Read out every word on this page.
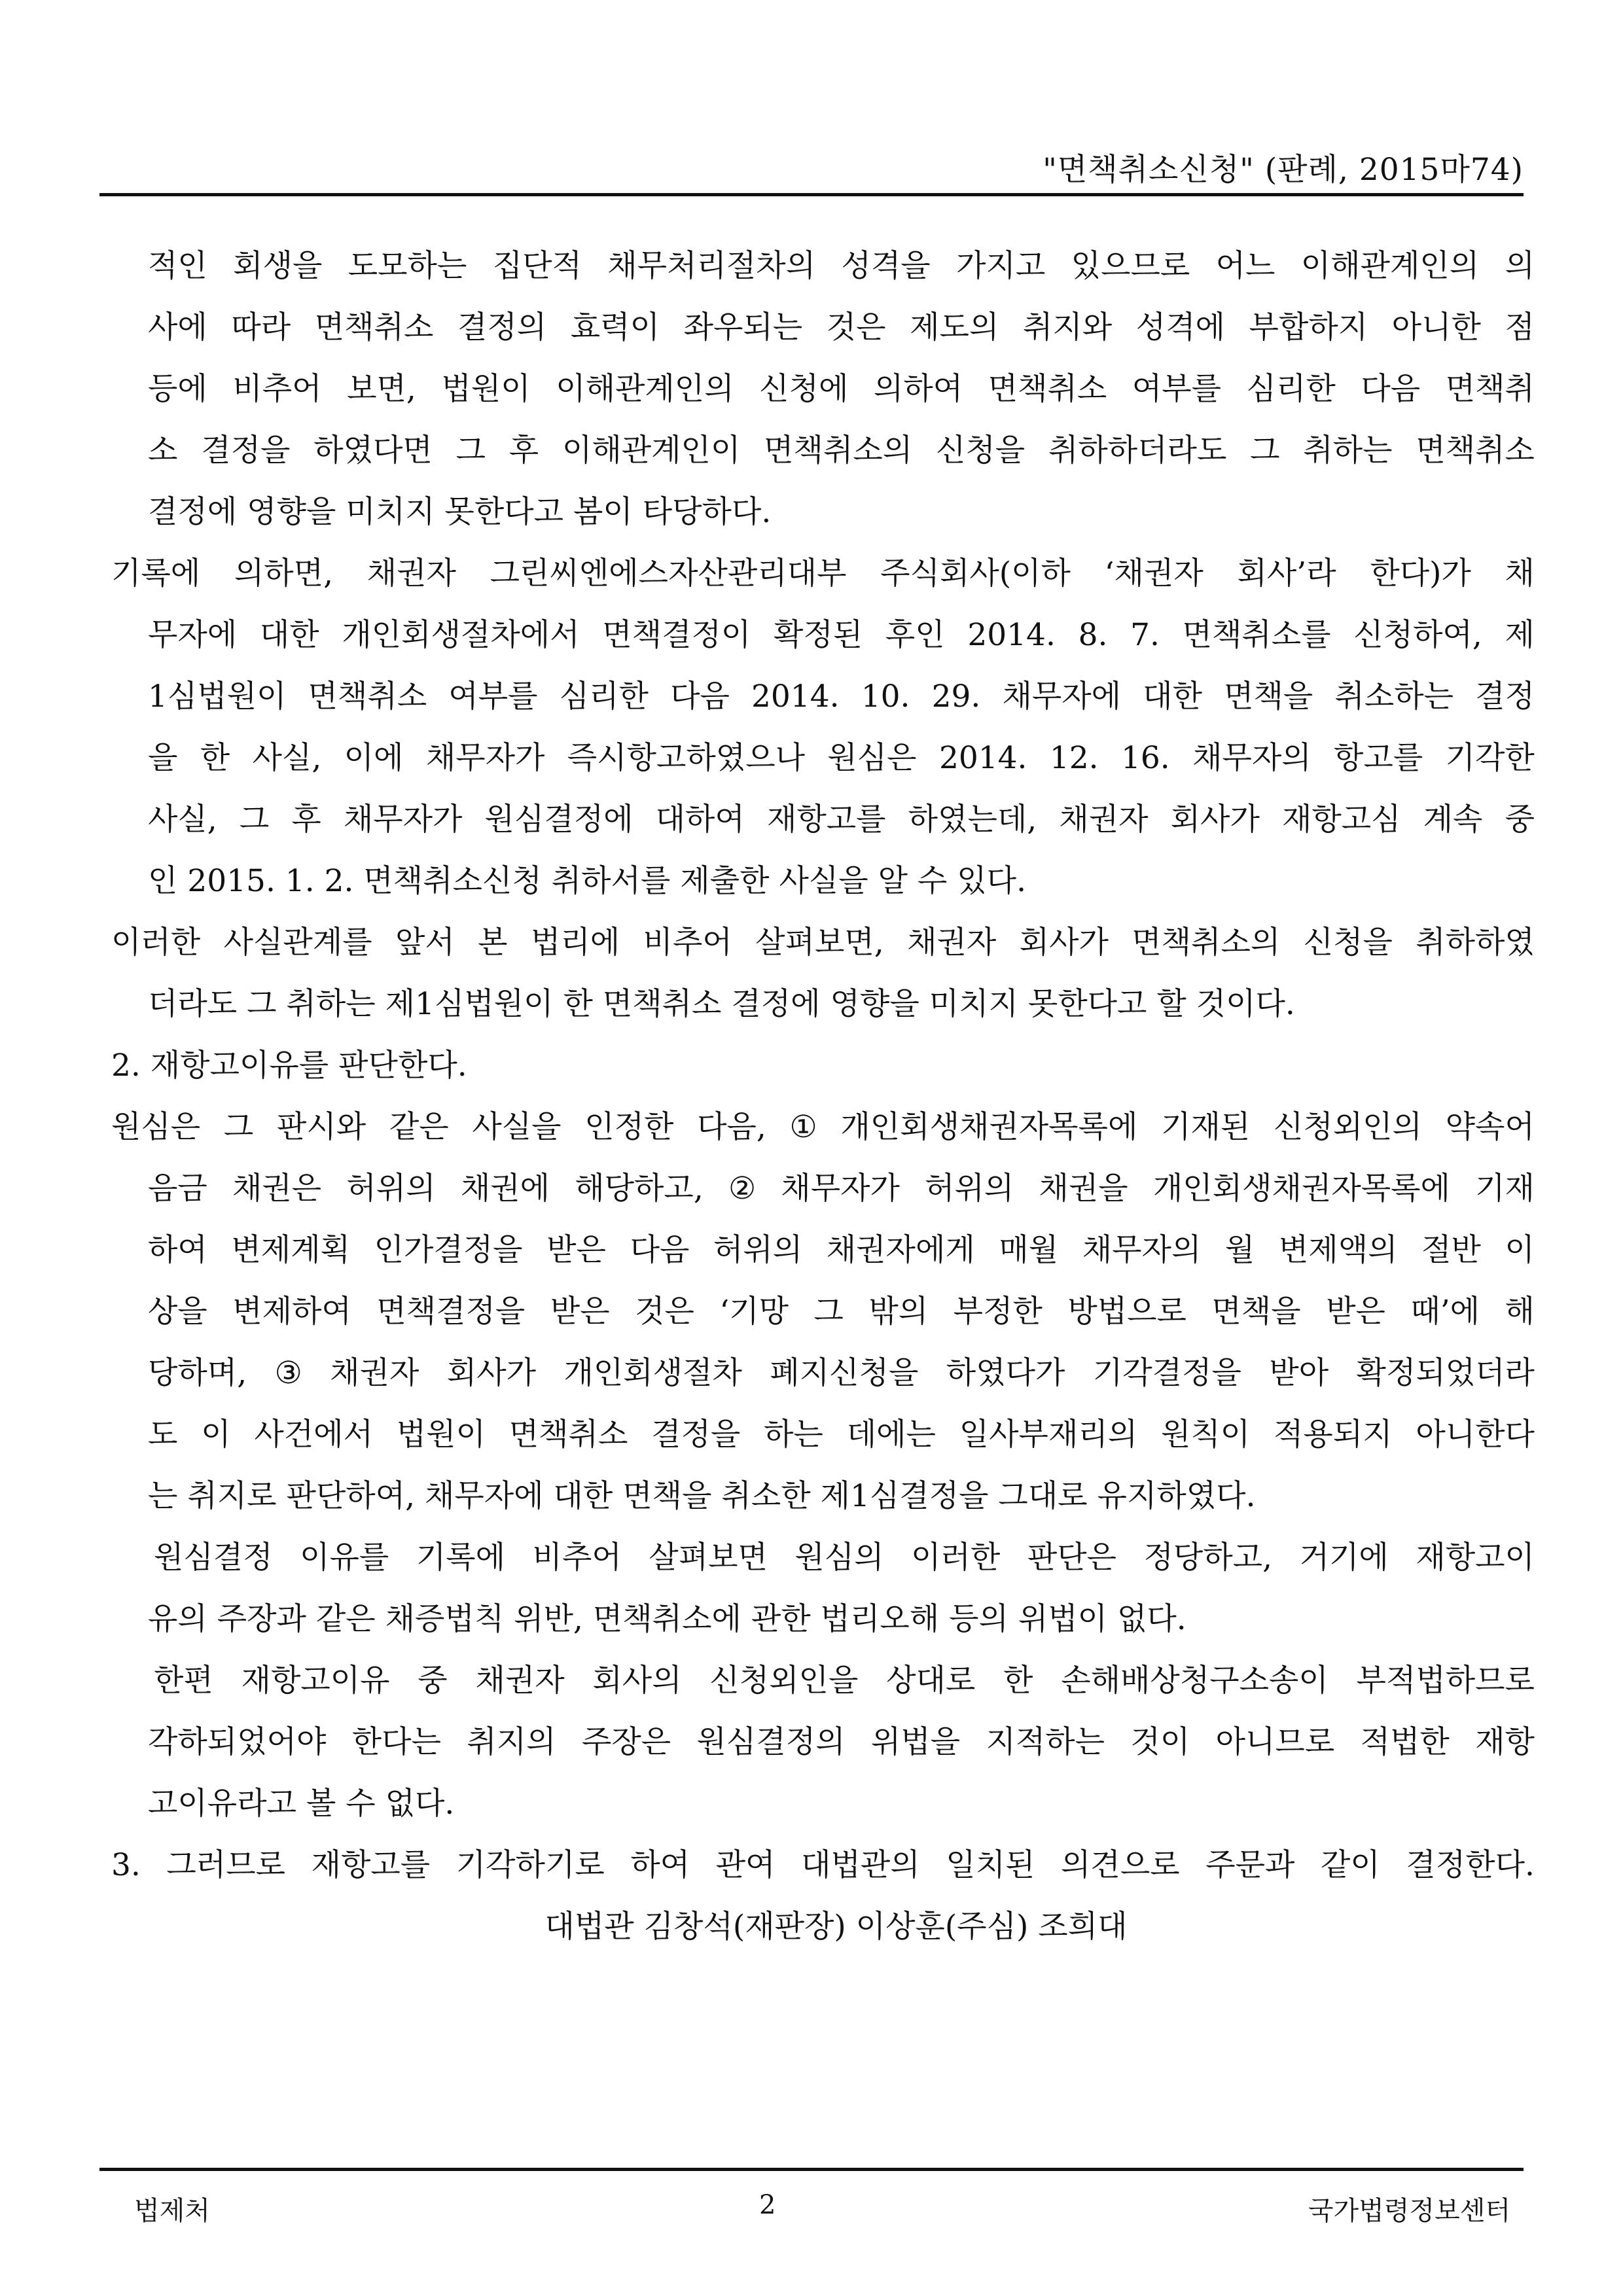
"면책취소신청" (판례, 2015마74)
적인 회생을 도모하는 집단적 채무처리절차의 성격을 가지고 있으므로 어느 이해관계인의 의
사에 따라 면책취소 결정의 효력이 좌우되는 것은 제도의 취지와 성격에 부합하지 아니한 점
등에 비추어 보면, 법원이 이해관계인의 신청에 의하여 면책취소 여부를 심리한 다음 면책취
소 결정을 하였다면 그 후 이해관계인이 면책취소의 신청을 취하하더라도 그 취하는 면책취소
결정에 영향을 미치지 못한다고 봄이 타당하다.
기록에 의하면, 채권자 그린씨엔에스자산관리대부 주식회사(이하 ‘채권자 회사’라 한다)가 채
무자에 대한 개인회생절차에서 면책결정이 확정된 후인 2014. 8. 7. 면책취소를 신청하여, 제
1심법원이 면책취소 여부를 심리한 다음 2014. 10. 29. 채무자에 대한 면책을 취소하는 결정
을 한 사실, 이에 채무자가 즉시항고하였으나 원심은 2014. 12. 16. 채무자의 항고를 기각한
사실, 그 후 채무자가 원심결정에 대하여 재항고를 하였는데, 채권자 회사가 재항고심 계속 중
인 2015. 1. 2. 면책취소신청 취하서를 제출한 사실을 알 수 있다.
이러한 사실관계를 앞서 본 법리에 비추어 살펴보면, 채권자 회사가 면책취소의 신청을 취하하였
더라도 그 취하는 제1심법원이 한 면책취소 결정에 영향을 미치지 못한다고 할 것이다.
2. 재항고이유를 판단한다.
원심은 그 판시와 같은 사실을 인정한 다음, ① 개인회생채권자목록에 기재된 신청외인의 약속어
음금 채권은 허위의 채권에 해당하고, ② 채무자가 허위의 채권을 개인회생채권자목록에 기재
하여 변제계획 인가결정을 받은 다음 허위의 채권자에게 매월 채무자의 월 변제액의 절반 이
상을 변제하여 면책결정을 받은 것은 ‘기망 그 밖의 부정한 방법으로 면책을 받은 때’에 해
당하며, ③ 채권자 회사가 개인회생절차 폐지신청을 하였다가 기각결정을 받아 확정되었더라
도 이 사건에서 법원이 면책취소 결정을 하는 데에는 일사부재리의 원칙이 적용되지 아니한다
는 취지로 판단하여, 채무자에 대한 면책을 취소한 제1심결정을 그대로 유지하였다.
원심결정 이유를 기록에 비추어 살펴보면 원심의 이러한 판단은 정당하고, 거기에 재항고이
유의 주장과 같은 채증법칙 위반, 면책취소에 관한 법리오해 등의 위법이 없다.
한편 재항고이유 중 채권자 회사의 신청외인을 상대로 한 손해배상청구소송이 부적법하므로
각하되었어야 한다는 취지의 주장은 원심결정의 위법을 지적하는 것이 아니므로 적법한 재항
고이유라고 볼 수 없다.
3. 그러므로 재항고를 기각하기로 하여 관여 대법관의 일치된 의견으로 주문과 같이 결정한다.
대법관 김창석(재판장) 이상훈(주심) 조희대
법제처	2	국가법령정보센터
